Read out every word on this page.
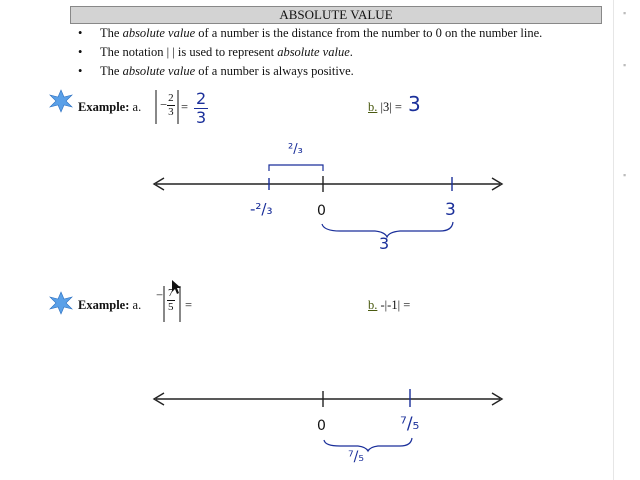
ABSOLUTE VALUE
• The absolute value of a number is the distance from the number to 0 on the number line.
• The notation | | is used to represent absolute value.
• The absolute value of a number is always positive.
Example: a. − $\frac{2}{3} = 2$
3
b. |3| = 3
²/₃
-²/₃	0	3
3
Example: a.
− $\frac{7}{5}$ =	b. -|-1| =
0	⁷/₅
⁷/₅
▪
▪
▪
